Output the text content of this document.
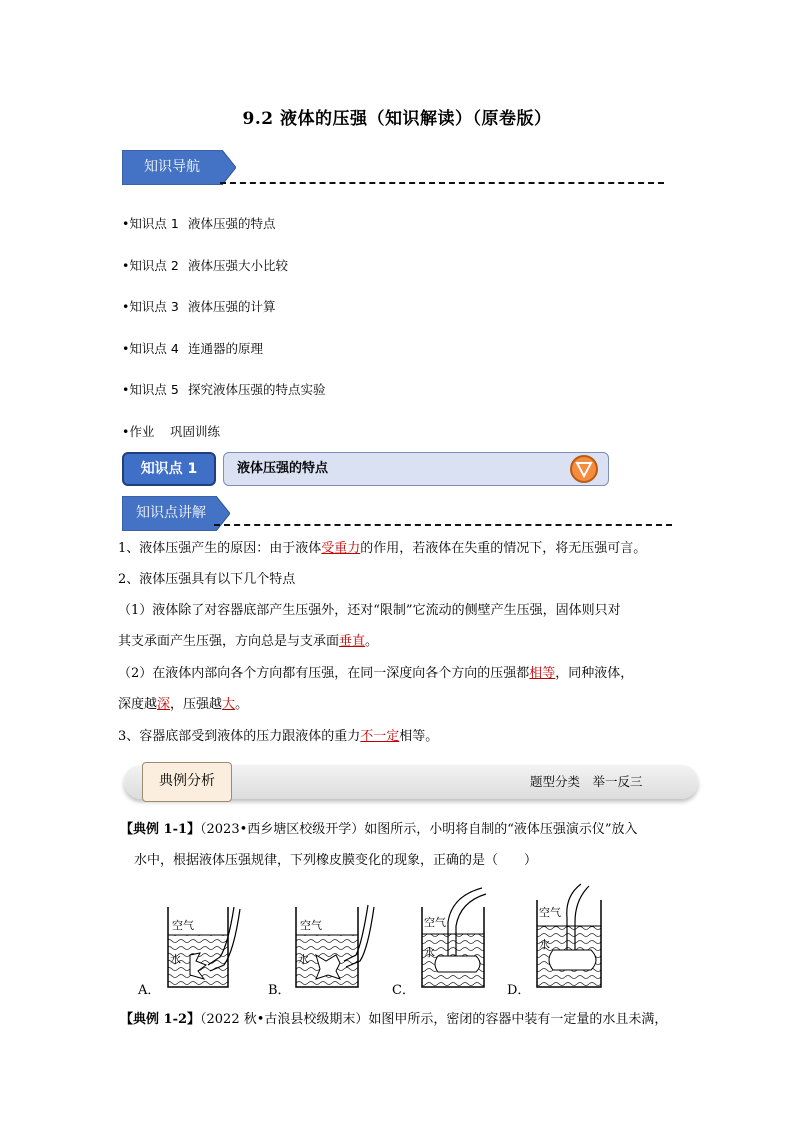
9.2 液体的压强（知识解读）（原卷版）
知识导航
•知识点 1 液体压强的特点
•知识点 2 液体压强大小比较
•知识点 3 液体压强的计算
•知识点 4 连通器的原理
•知识点 5 探究液体压强的特点实验
•作业 巩固训练
知识点 1	液体压强的特点
知识点讲解
1、液体压强产生的原因：由于液体受重力的作用，若液体在失重的情况下，将无压强可言。
2、液体压强具有以下几个特点
（1）液体除了对容器底部产生压强外，还对“限制”它流动的侧壁产生压强，固体则只对
其支承面产生压强，方向总是与支承面垂直。
（2）在液体内部向各个方向都有压强，在同一深度向各个方向的压强都相等，同种液体，
深度越深，压强越大。
3、容器底部受到液体的压力跟液体的重力不一定相等。
典例分析	题型分类　举一反三
【典例 1-1】（2023•西乡塘区校级开学）如图所示，小明将自制的“液体压强演示仪”放入
水中，根据液体压强规律，下列橡皮膜变化的现象，正确的是（　　）
空气
水
A．
空气
水
B．
空气
水
C．
空气
水
D．
【典例 1-2】（2022 秋•古浪县校级期末）如图甲所示，密闭的容器中装有一定量的水且未满，
